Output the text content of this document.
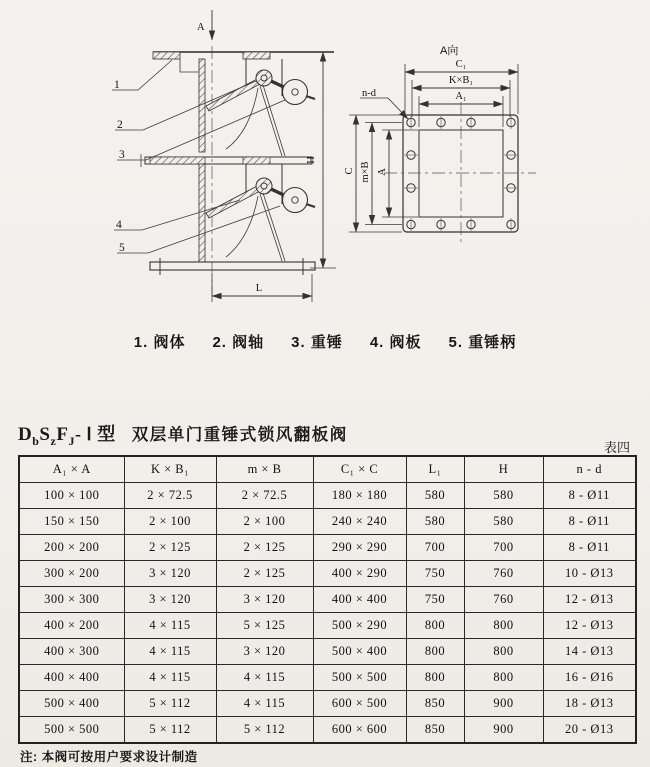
A
1
2
3
4
5
H
L
A向
C₁
K×B₁
A₁
n-d
C m×B A
1. 阀体 2. 阀轴 3. 重锤 4. 阀板 5. 重锤柄
$D_bS_zF_J-$ Ⅰ 型 双层单门重锤式锁风翻板阀
表四
A₁ × A	K × B₁	m × B	C₁ × C	L₁	H	n - d
100 × 100	2 × 72.5	2 × 72.5	180 × 180	580	580	8 - Ø11
150 × 150	2 × 100	2 × 100	240 × 240	580	580	8 - Ø11
200 × 200	2 × 125	2 × 125	290 × 290	700	700	8 - Ø11
300 × 200	3 × 120	2 × 125	400 × 290	750	760	10 - Ø13
300 × 300	3 × 120	3 × 120	400 × 400	750	760	12 - Ø13
400 × 200	4 × 115	5 × 125	500 × 290	800	800	12 - Ø13
400 × 300	4 × 115	3 × 120	500 × 400	800	800	14 - Ø13
400 × 400	4 × 115	4 × 115	500 × 500	800	800	16 - Ø16
500 × 400	5 × 112	4 × 115	600 × 500	850	900	18 - Ø13
500 × 500	5 × 112	5 × 112	600 × 600	850	900	20 - Ø13
注: 本阀可按用户要求设计制造
